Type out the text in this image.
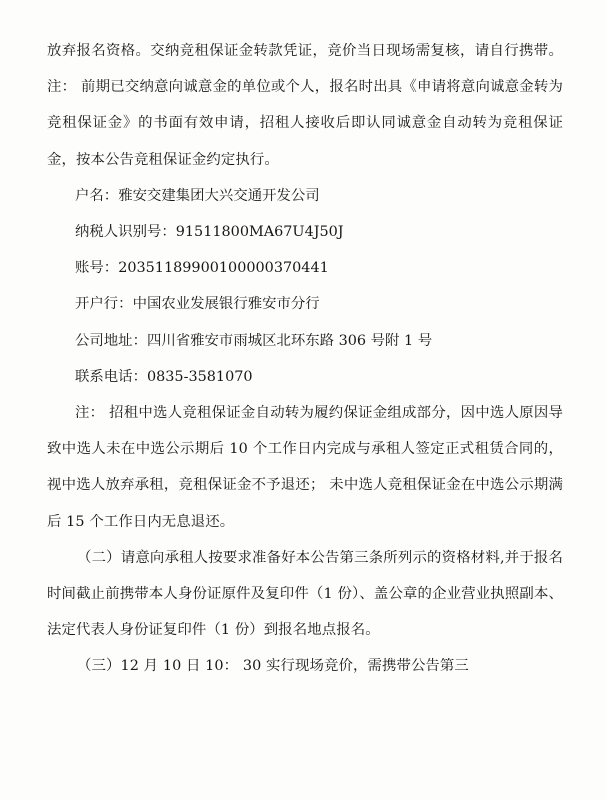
放弃报名资格。交纳竞租保证金转款凭证，竞价当日现场需复核，请自行携带。注： 前期已交纳意向诚意金的单位或个人，报名时出具《申请将意向诚意金转为竞租保证金》的书面有效申请，招租人接收后即认同诚意金自动转为竞租保证金，按本公告竞租保证金约定执行。

户名：雅安交建集团大兴交通开发公司
纳税人识别号：91511800MA67U4J50J
账号：20351189900100000370441
开户行：中国农业发展银行雅安市分行
公司地址：四川省雅安市雨城区北环东路 306 号附 1 号
联系电话：0835-3581070

注： 招租中选人竞租保证金自动转为履约保证金组成部分，因中选人原因导致中选人未在中选公示期后 10 个工作日内完成与承租人签定正式租赁合同的，视中选人放弃承租，竞租保证金不予退还； 未中选人竞租保证金在中选公示期满后 15 个工作日内无息退还。

（二）请意向承租人按要求准备好本公告第三条所列示的资格材料,并于报名时间截止前携带本人身份证原件及复印件（1 份）、盖公章的企业营业执照副本、法定代表人身份证复印件（1 份）到报名地点报名。

（三）12 月 10 日 10： 30 实行现场竞价，需携带公告第三
